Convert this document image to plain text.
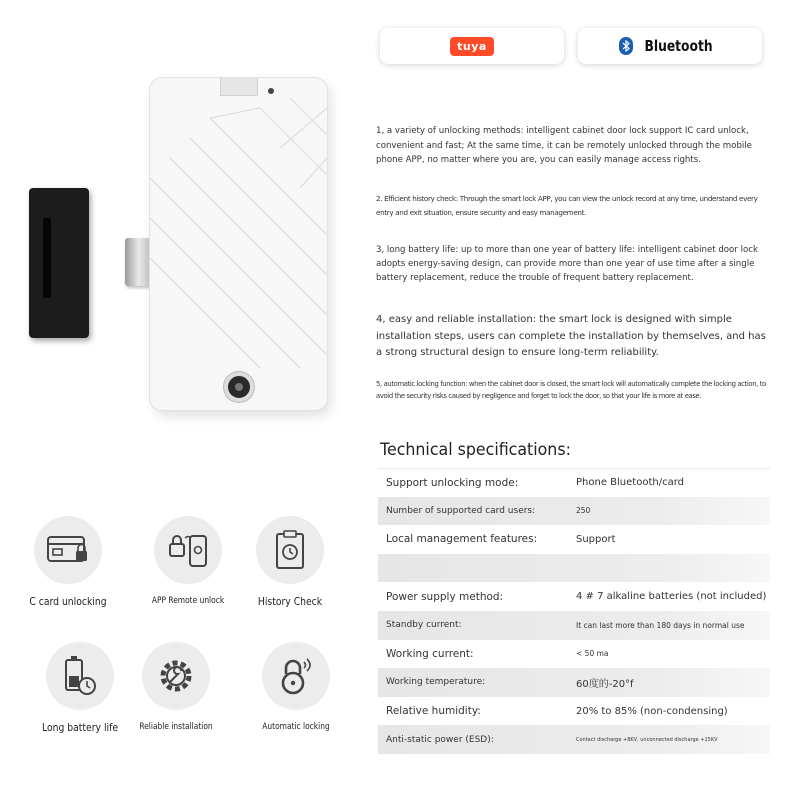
tuya	Bluetooth

1, a variety of unlocking methods: intelligent cabinet door lock support IC card unlock, convenient and fast; At the same time, it can be remotely unlocked through the mobile phone APP, no matter where you are, you can easily manage access rights.

2. Efficient history check: Through the smart lock APP, you can view the unlock record at any time, understand every entry and exit situation, ensure security and easy management.

3, long battery life: up to more than one year of battery life: intelligent cabinet door lock adopts energy-saving design, can provide more than one year of use time after a single battery replacement, reduce the trouble of frequent battery replacement.

4, easy and reliable installation: the smart lock is designed with simple installation steps, users can complete the installation by themselves, and has a strong structural design to ensure long-term reliability.

5, automatic locking function: when the cabinet door is closed, the smart lock will automatically complete the locking action, to avoid the security risks caused by negligence and forget to lock the door, so that your life is more at ease.

Technical specifications:
Support unlocking mode:	Phone Bluetooth/card
Number of supported card users:	250
Local management features:	Support
Power supply method:	4 # 7 alkaline batteries (not included)
Standby current:	It can last more than 180 days in normal use
Working current:	< 50 ma
Working temperature:	60度的-20°f
Relative humidity:	20% to 85% (non-condensing)
Anti-static power (ESD):	Contact discharge +8KV, unconnected discharge +15KV
C card unlocking	APP Remote unlock	History Check
Long battery life	Reliable installation	Automatic locking
